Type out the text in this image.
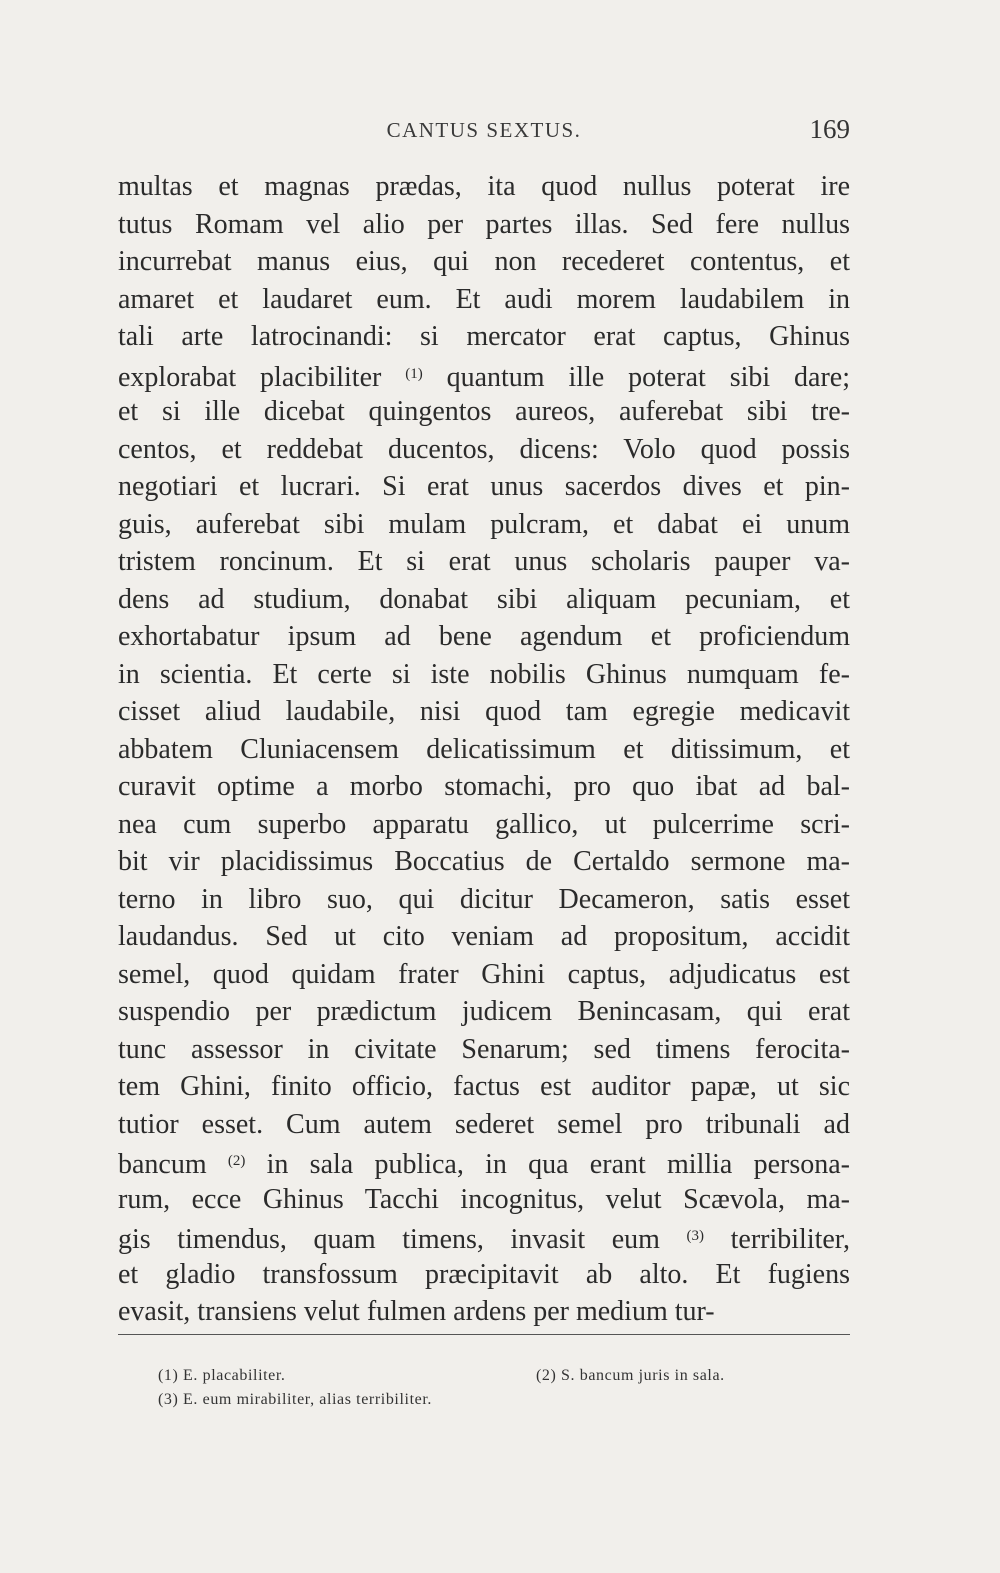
CANTUS SEXTUS.	169
multas et magnas prædas, ita quod nullus poterat ire
tutus Romam vel alio per partes illas. Sed fere nullus
incurrebat manus eius, qui non recederet contentus, et
amaret et laudaret eum. Et audi morem laudabilem in
tali arte latrocinandi: si mercator erat captus, Ghinus
explorabat placibiliter $^{(1)}$ quantum ille poterat sibi dare;
et si ille dicebat quingentos aureos, auferebat sibi tre-
centos, et reddebat ducentos, dicens: Volo quod possis
negotiari et lucrari. Si erat unus sacerdos dives et pin-
guis, auferebat sibi mulam pulcram, et dabat ei unum
tristem roncinum. Et si erat unus scholaris pauper va-
dens ad studium, donabat sibi aliquam pecuniam, et
exhortabatur ipsum ad bene agendum et proficiendum
in scientia. Et certe si iste nobilis Ghinus numquam fe-
cisset aliud laudabile, nisi quod tam egregie medicavit
abbatem Cluniacensem delicatissimum et ditissimum, et
curavit optime a morbo stomachi, pro quo ibat ad bal-
nea cum superbo apparatu gallico, ut pulcerrime scri-
bit vir placidissimus Boccatius de Certaldo sermone ma-
terno in libro suo, qui dicitur Decameron, satis esset
laudandus. Sed ut cito veniam ad propositum, accidit
semel, quod quidam frater Ghini captus, adjudicatus est
suspendio per prædictum judicem Benincasam, qui erat
tunc assessor in civitate Senarum; sed timens ferocita-
tem Ghini, finito officio, factus est auditor papæ, ut sic
tutior esset. Cum autem sederet semel pro tribunali ad
bancum $^{(2)}$ in sala publica, in qua erant millia persona-
rum, ecce Ghinus Tacchi incognitus, velut Scævola, ma-
gis timendus, quam timens, invasit eum $^{(3)}$ terribiliter,
et gladio transfossum præcipitavit ab alto. Et fugiens
evasit, transiens velut fulmen ardens per medium tur-
(1) E. placabiliter.	(2) S. bancum juris in sala.
(3) E. eum mirabiliter, alias terribiliter.
